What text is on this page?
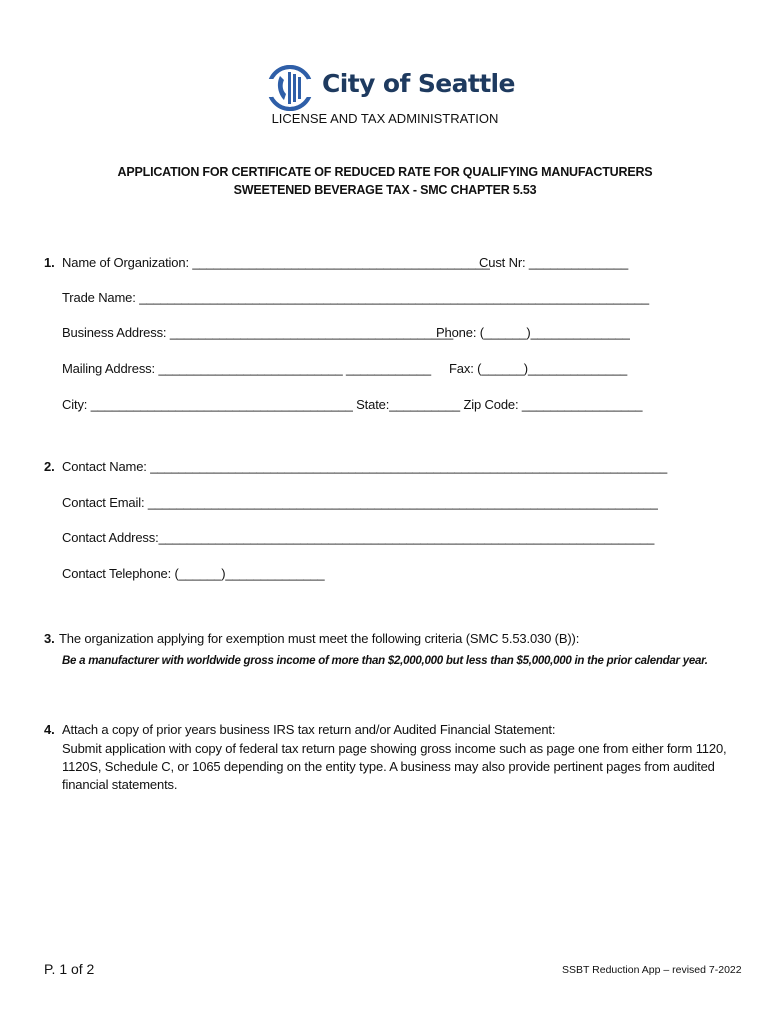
City of Seattle
LICENSE AND TAX ADMINISTRATION
APPLICATION FOR CERTIFICATE OF REDUCED RATE FOR QUALIFYING MANUFACTURERS
SWEETENED BEVERAGE TAX - SMC CHAPTER 5.53
1. Name of Organization: __________________________________________
Cust Nr: ______________
Trade Name: ________________________________________________________________________
Business Address: ________________________________________
Phone: (______)______________
Mailing Address: __________________________ ____________ Fax: (______)______________
City: _____________________________________ State:__________ Zip Code: _________________
2. Contact Name: _________________________________________________________________________
Contact Email: ________________________________________________________________________
Contact Address:______________________________________________________________________
Contact Telephone: (______)______________
3. The organization applying for exemption must meet the following criteria (SMC 5.53.030 (B)):
Be a manufacturer with worldwide gross income of more than $2,000,000 but less than $5,000,000 in the prior calendar year.
4. Attach a copy of prior years business IRS tax return and/or Audited Financial Statement:
Submit application with copy of federal tax return page showing gross income such as page one from either form 1120, 1120S, Schedule C, or 1065 depending on the entity type. A business may also provide pertinent pages from audited financial statements.
P. 1 of 2	SSBT Reduction App – revised 7-2022
